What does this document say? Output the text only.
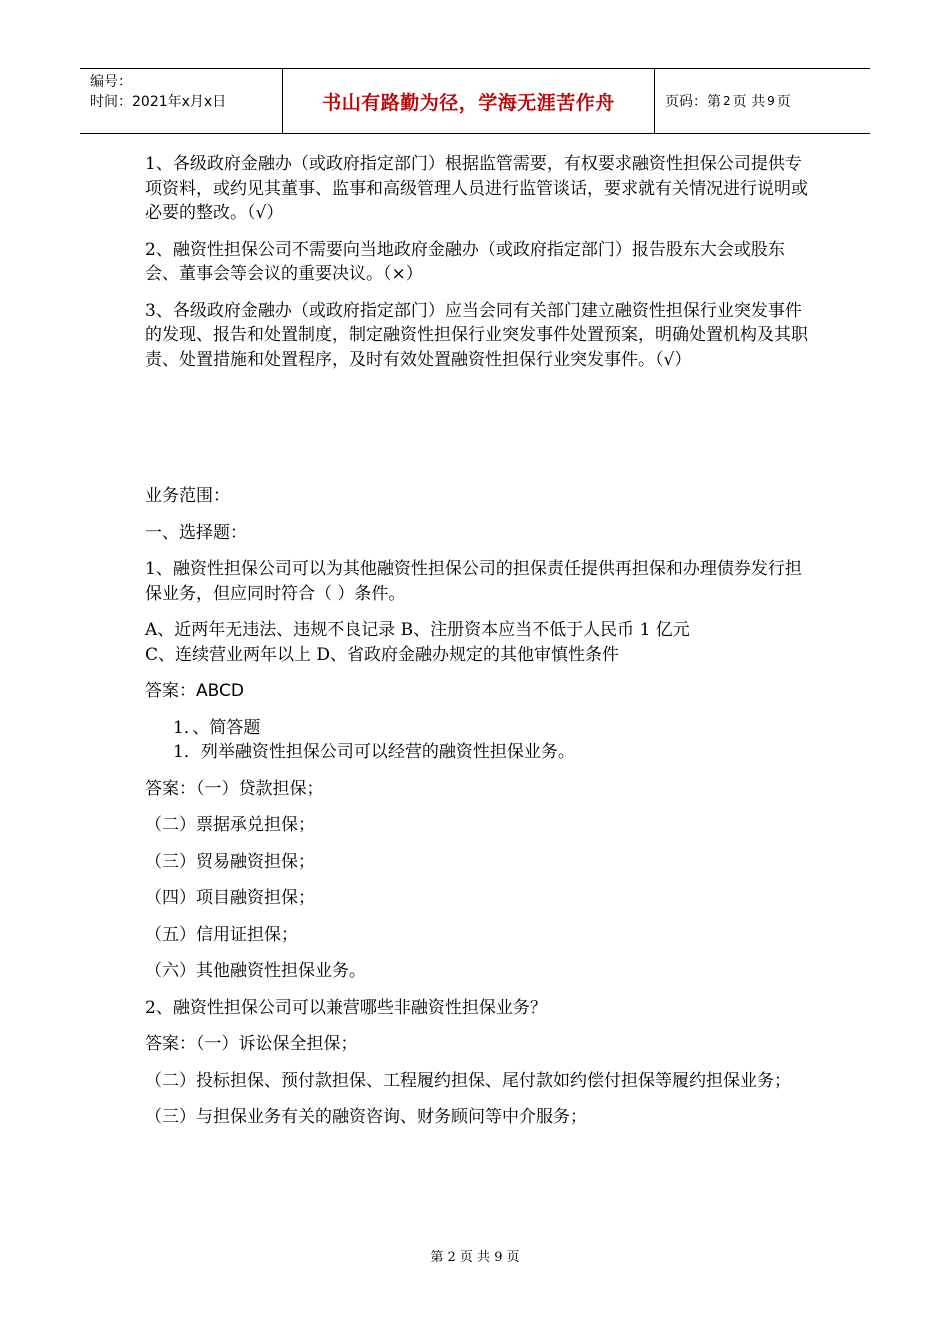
编号：
时间：2021年x月x日	书山有路勤为径，学海无涯苦作舟	页码：第 2 页 共 9 页

1、各级政府金融办（或政府指定部门）根据监管需要，有权要求融资性担保公司提供专项资料，或约见其董事、监事和高级管理人员进行监管谈话，要求就有关情况进行说明或必要的整改。（√）

2、融资性担保公司不需要向当地政府金融办（或政府指定部门）报告股东大会或股东会、董事会等会议的重要决议。（×）

3、各级政府金融办（或政府指定部门）应当会同有关部门建立融资性担保行业突发事件的发现、报告和处置制度，制定融资性担保行业突发事件处置预案，明确处置机构及其职责、处置措施和处置程序，及时有效处置融资性担保行业突发事件。（√）

业务范围：

一、选择题：

1、融资性担保公司可以为其他融资性担保公司的担保责任提供再担保和办理债券发行担保业务，但应同时符合（ ）条件。

A、近两年无违法、违规不良记录 B、注册资本应当不低于人民币 1 亿元

C、连续营业两年以上 D、省政府金融办规定的其他审慎性条件

答案：ABCD

1．、简答题

1．列举融资性担保公司可以经营的融资性担保业务。

答案：（一）贷款担保；

（二）票据承兑担保；

（三）贸易融资担保；

（四）项目融资担保；

（五）信用证担保；

（六）其他融资性担保业务。

2、融资性担保公司可以兼营哪些非融资性担保业务？

答案：（一）诉讼保全担保；

（二）投标担保、预付款担保、工程履约担保、尾付款如约偿付担保等履约担保业务；

（三）与担保业务有关的融资咨询、财务顾问等中介服务；

第 2 页 共 9 页
